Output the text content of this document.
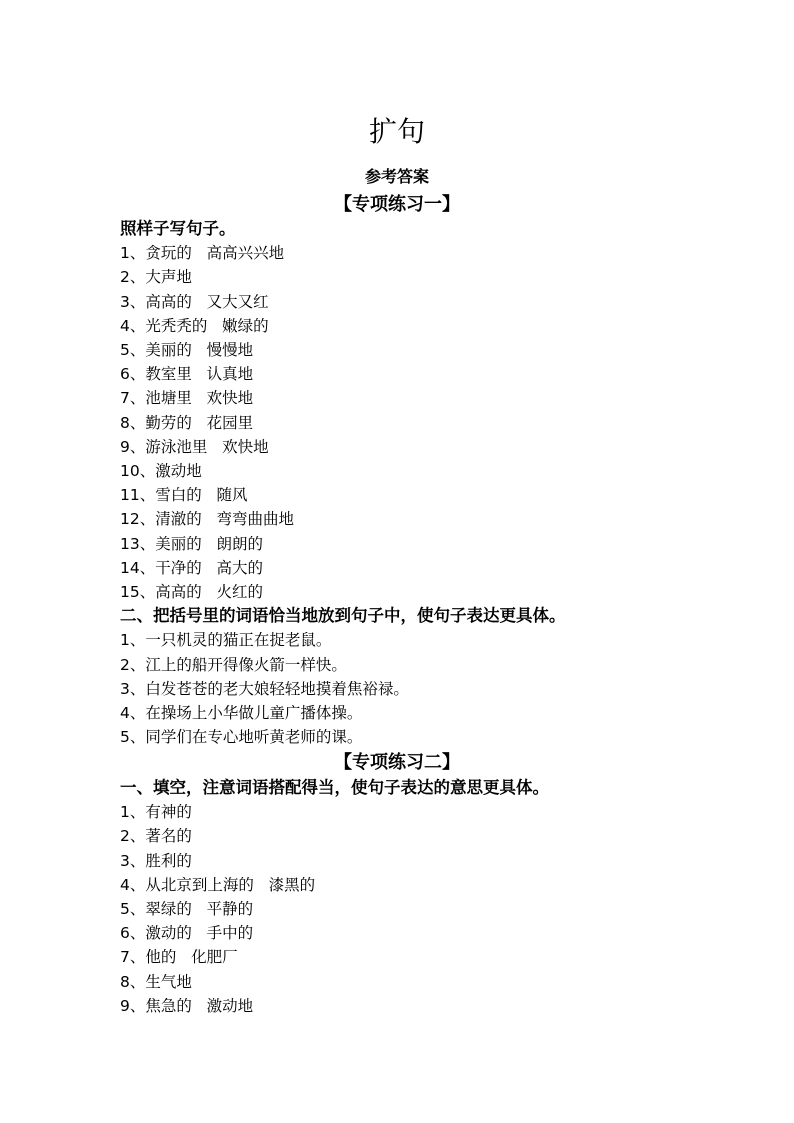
扩句
参考答案
【专项练习一】
照样子写句子。
1、贪玩的   高高兴兴地
2、大声地
3、高高的   又大又红
4、光秃秃的   嫩绿的
5、美丽的   慢慢地
6、教室里   认真地
7、池塘里   欢快地
8、勤劳的   花园里
9、游泳池里   欢快地
10、激动地
11、雪白的   随风
12、清澈的   弯弯曲曲地
13、美丽的   朗朗的
14、干净的   高大的
15、高高的   火红的
二、把括号里的词语恰当地放到句子中，使句子表达更具体。
1、一只机灵的猫正在捉老鼠。
2、江上的船开得像火箭一样快。
3、白发苍苍的老大娘轻轻地摸着焦裕禄。
4、在操场上小华做儿童广播体操。
5、同学们在专心地听黄老师的课。
【专项练习二】
一、填空，注意词语搭配得当，使句子表达的意思更具体。
1、有神的
2、著名的
3、胜利的
4、从北京到上海的   漆黑的
5、翠绿的   平静的
6、激动的   手中的
7、他的   化肥厂
8、生气地
9、焦急的   激动地
